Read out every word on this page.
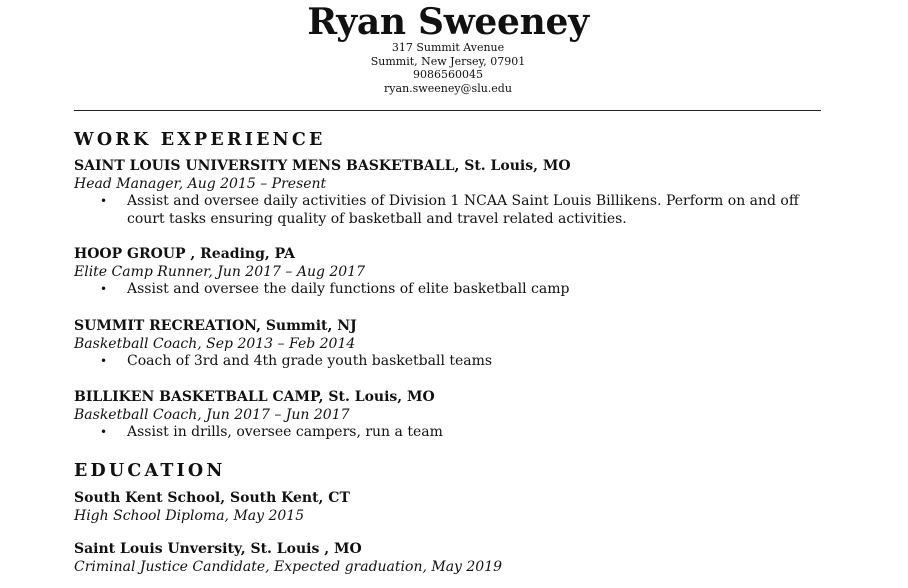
Ryan Sweeney
317 Summit Avenue
Summit, New Jersey, 07901
9086560045
ryan.sweeney@slu.edu
WORK EXPERIENCE
SAINT LOUIS UNIVERSITY MENS BASKETBALL, St. Louis, MO
Head Manager, Aug 2015 – Present
• Assist and oversee daily activities of Division 1 NCAA Saint Louis Billikens. Perform on and off court tasks ensuring quality of basketball and travel related activities.
HOOP GROUP , Reading, PA
Elite Camp Runner, Jun 2017 – Aug 2017
• Assist and oversee the daily functions of elite basketball camp
SUMMIT RECREATION, Summit, NJ
Basketball Coach, Sep 2013 – Feb 2014
• Coach of 3rd and 4th grade youth basketball teams
BILLIKEN BASKETBALL CAMP, St. Louis, MO
Basketball Coach, Jun 2017 – Jun 2017
• Assist in drills, oversee campers, run a team
EDUCATION
South Kent School, South Kent, CT
High School Diploma, May 2015
Saint Louis Unversity, St. Louis , MO
Criminal Justice Candidate, Expected graduation, May 2019
